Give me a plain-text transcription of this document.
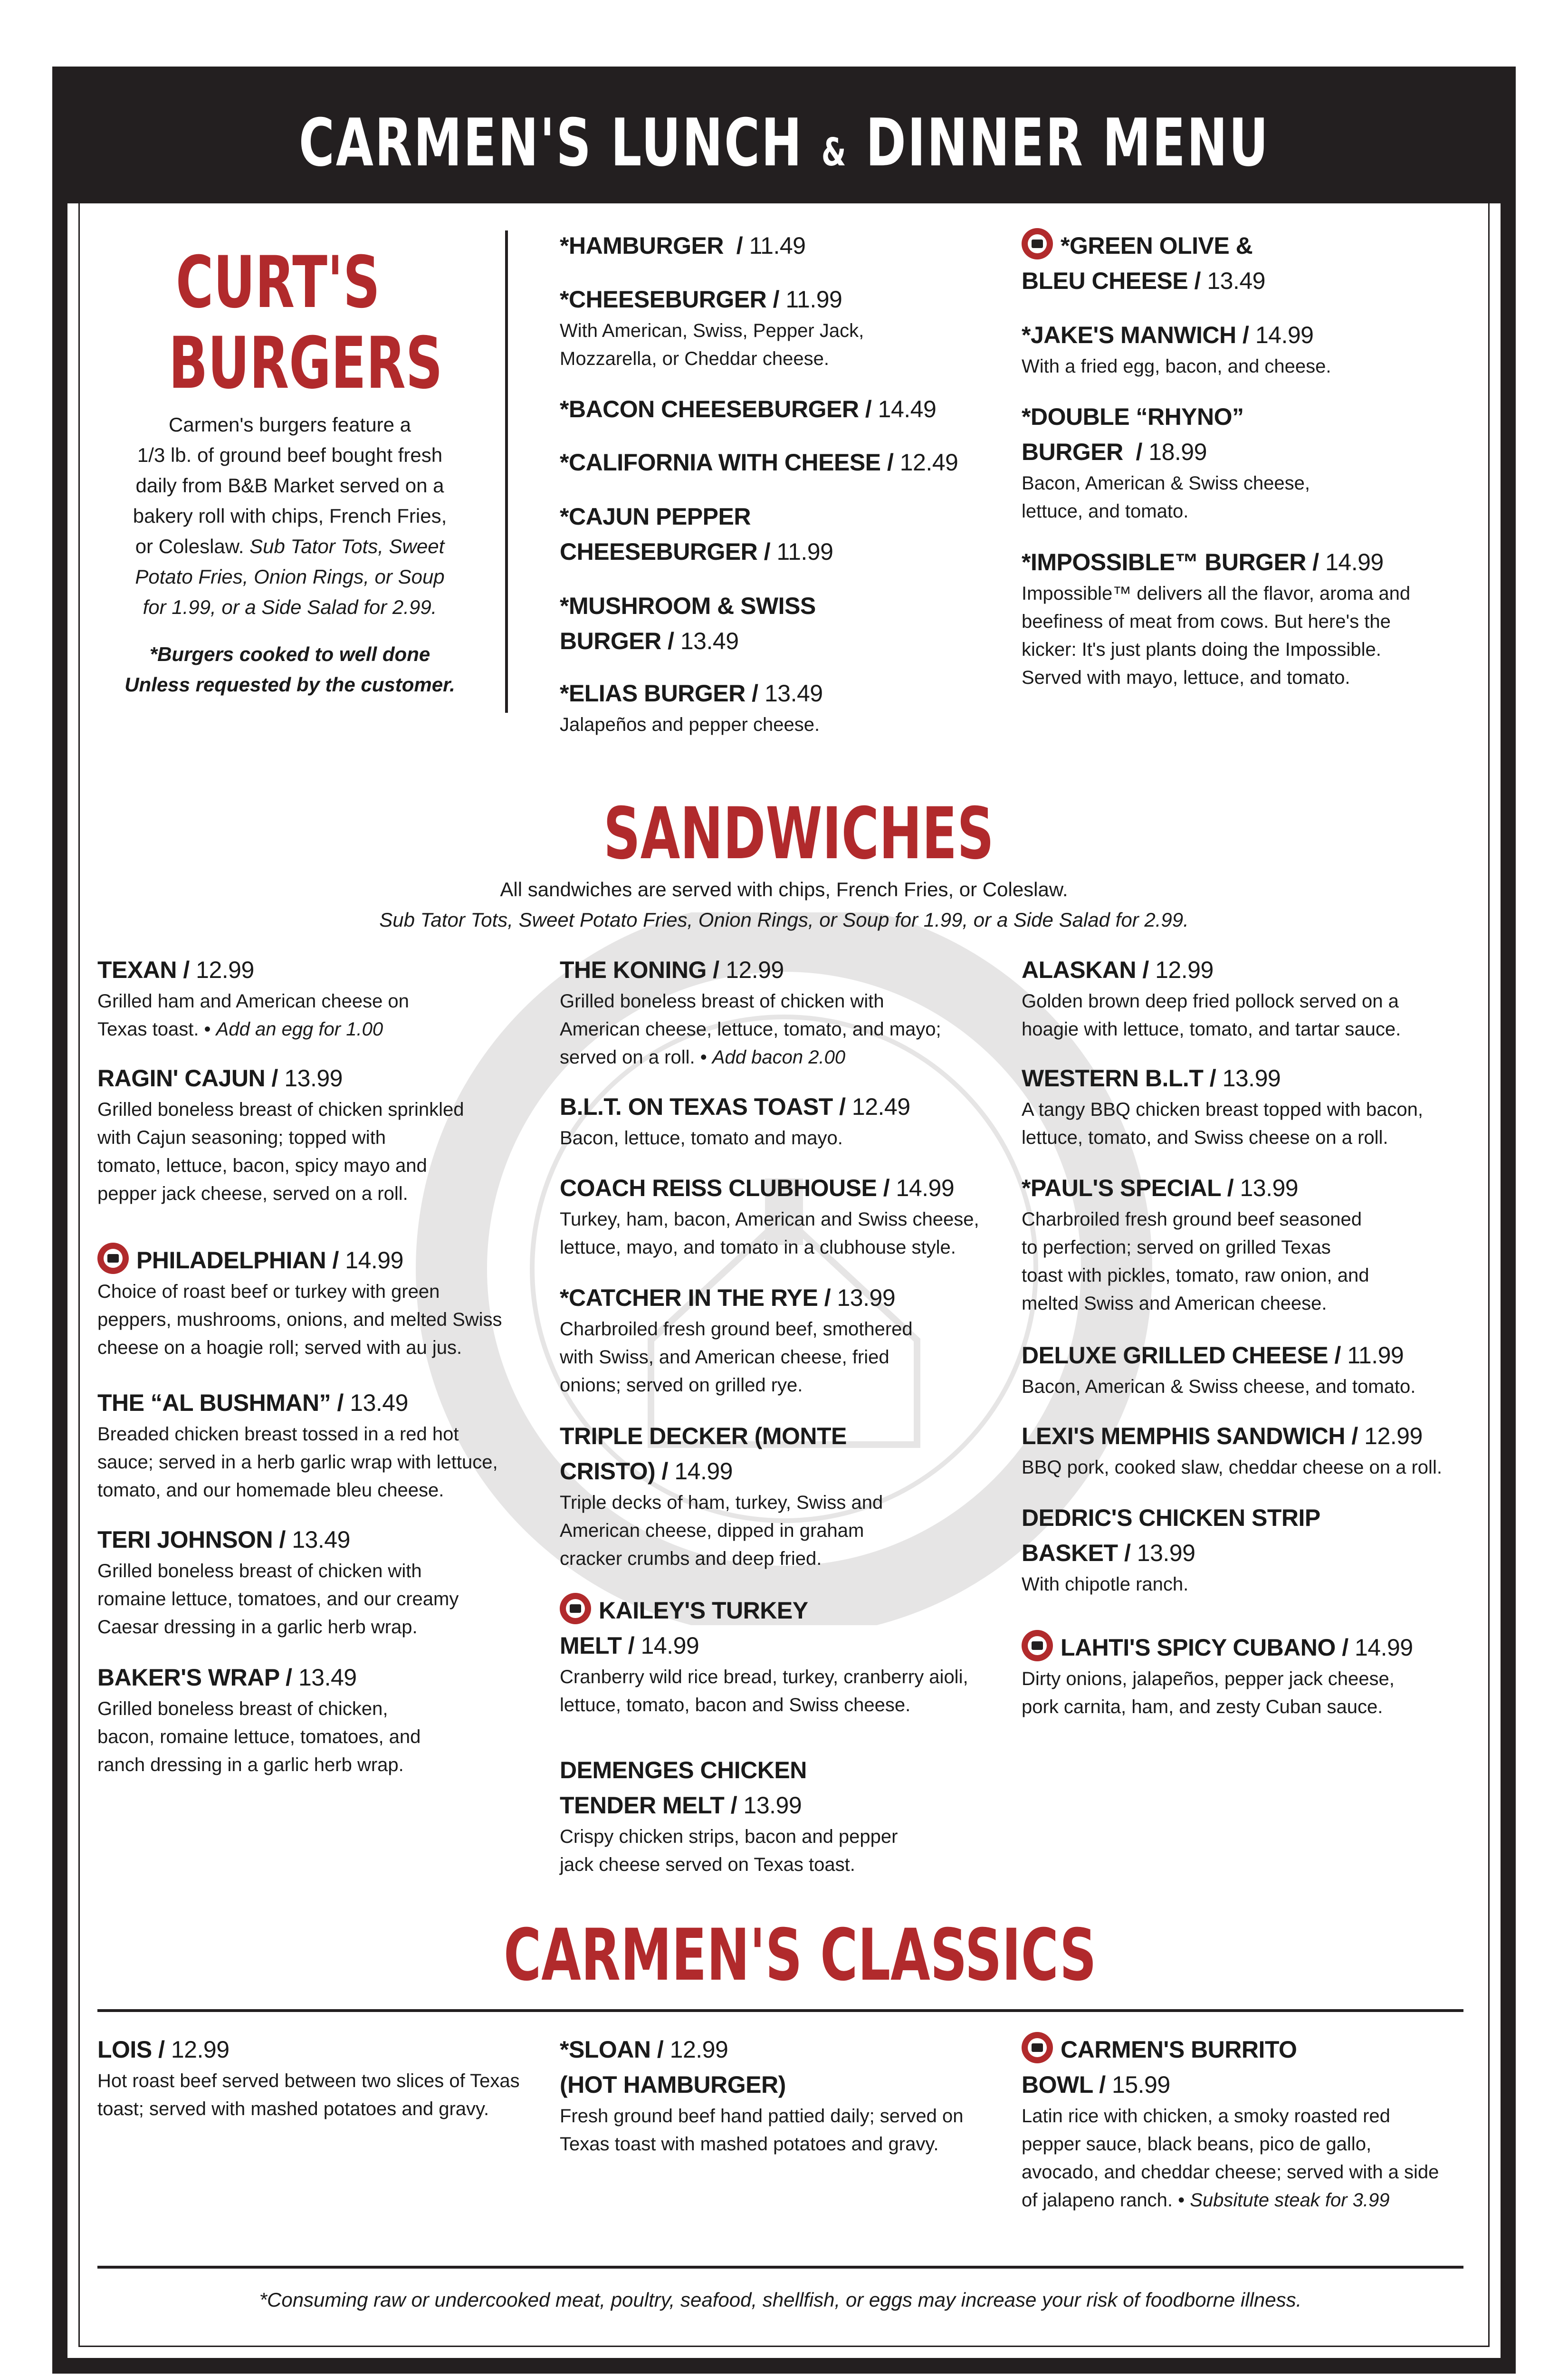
CARMEN'S LUNCH & DINNER MENU
CURT'S
BURGERS
Carmen's burgers feature a
1/3 lb. of ground beef bought fresh
daily from B&B Market served on a
bakery roll with chips, French Fries,
or Coleslaw. Sub Tator Tots, Sweet
Potato Fries, Onion Rings, or Soup
for 1.99, or a Side Salad for 2.99.
*Burgers cooked to well done
Unless requested by the customer.
*HAMBURGER  / 11.49
*CHEESEBURGER / 11.99
With American, Swiss, Pepper Jack,
Mozzarella, or Cheddar cheese.
*BACON CHEESEBURGER / 14.49
*CALIFORNIA WITH CHEESE / 12.49
*CAJUN PEPPER
CHEESEBURGER / 11.99
*MUSHROOM & SWISS
BURGER / 13.49
*ELIAS BURGER / 13.49
Jalapeños and pepper cheese.
*GREEN OLIVE &
BLEU CHEESE / 13.49
*JAKE'S MANWICH / 14.99
With a fried egg, bacon, and cheese.
*DOUBLE “RHYNO”
BURGER  / 18.99
Bacon, American & Swiss cheese,
lettuce, and tomato.
*IMPOSSIBLE™ BURGER / 14.99
Impossible™ delivers all the flavor, aroma and
beefiness of meat from cows. But here's the
kicker: It's just plants doing the Impossible.
Served with mayo, lettuce, and tomato.
SANDWICHES
All sandwiches are served with chips, French Fries, or Coleslaw.
Sub Tator Tots, Sweet Potato Fries, Onion Rings, or Soup for 1.99, or a Side Salad for 2.99.
TEXAN / 12.99
Grilled ham and American cheese on
Texas toast. • Add an egg for 1.00
RAGIN' CAJUN / 13.99
Grilled boneless breast of chicken sprinkled
with Cajun seasoning; topped with
tomato, lettuce, bacon, spicy mayo and
pepper jack cheese, served on a roll.
PHILADELPHIAN / 14.99
Choice of roast beef or turkey with green
peppers, mushrooms, onions, and melted Swiss
cheese on a hoagie roll; served with au jus.
THE “AL BUSHMAN” / 13.49
Breaded chicken breast tossed in a red hot
sauce; served in a herb garlic wrap with lettuce,
tomato, and our homemade bleu cheese.
TERI JOHNSON / 13.49
Grilled boneless breast of chicken with
romaine lettuce, tomatoes, and our creamy
Caesar dressing in a garlic herb wrap.
BAKER'S WRAP / 13.49
Grilled boneless breast of chicken,
bacon, romaine lettuce, tomatoes, and
ranch dressing in a garlic herb wrap.
THE KONING / 12.99
Grilled boneless breast of chicken with
American cheese, lettuce, tomato, and mayo;
served on a roll. • Add bacon 2.00
B.L.T. ON TEXAS TOAST / 12.49
Bacon, lettuce, tomato and mayo.
COACH REISS CLUBHOUSE / 14.99
Turkey, ham, bacon, American and Swiss cheese,
lettuce, mayo, and tomato in a clubhouse style.
*CATCHER IN THE RYE / 13.99
Charbroiled fresh ground beef, smothered
with Swiss, and American cheese, fried
onions; served on grilled rye.
TRIPLE DECKER (MONTE
CRISTO) / 14.99
Triple decks of ham, turkey, Swiss and
American cheese, dipped in graham
cracker crumbs and deep fried.
KAILEY'S TURKEY
MELT / 14.99
Cranberry wild rice bread, turkey, cranberry aioli,
lettuce, tomato, bacon and Swiss cheese.
DEMENGES CHICKEN
TENDER MELT / 13.99
Crispy chicken strips, bacon and pepper
jack cheese served on Texas toast.
ALASKAN / 12.99
Golden brown deep fried pollock served on a
hoagie with lettuce, tomato, and tartar sauce.
WESTERN B.L.T / 13.99
A tangy BBQ chicken breast topped with bacon,
lettuce, tomato, and Swiss cheese on a roll.
*PAUL'S SPECIAL / 13.99
Charbroiled fresh ground beef seasoned
to perfection; served on grilled Texas
toast with pickles, tomato, raw onion, and
melted Swiss and American cheese.
DELUXE GRILLED CHEESE / 11.99
Bacon, American & Swiss cheese, and tomato.
LEXI'S MEMPHIS SANDWICH / 12.99
BBQ pork, cooked slaw, cheddar cheese on a roll.
DEDRIC'S CHICKEN STRIP
BASKET / 13.99
With chipotle ranch.
LAHTI'S SPICY CUBANO / 14.99
Dirty onions, jalapeños, pepper jack cheese,
pork carnita, ham, and zesty Cuban sauce.
CARMEN'S CLASSICS
LOIS / 12.99
Hot roast beef served between two slices of Texas
toast; served with mashed potatoes and gravy.
*SLOAN / 12.99
(HOT HAMBURGER)
Fresh ground beef hand pattied daily; served on
Texas toast with mashed potatoes and gravy.
CARMEN'S BURRITO
BOWL / 15.99
Latin rice with chicken, a smoky roasted red
pepper sauce, black beans, pico de gallo,
avocado, and cheddar cheese; served with a side
of jalapeno ranch. • Subsitute steak for 3.99
*Consuming raw or undercooked meat, poultry, seafood, shellfish, or eggs may increase your risk of foodborne illness.
